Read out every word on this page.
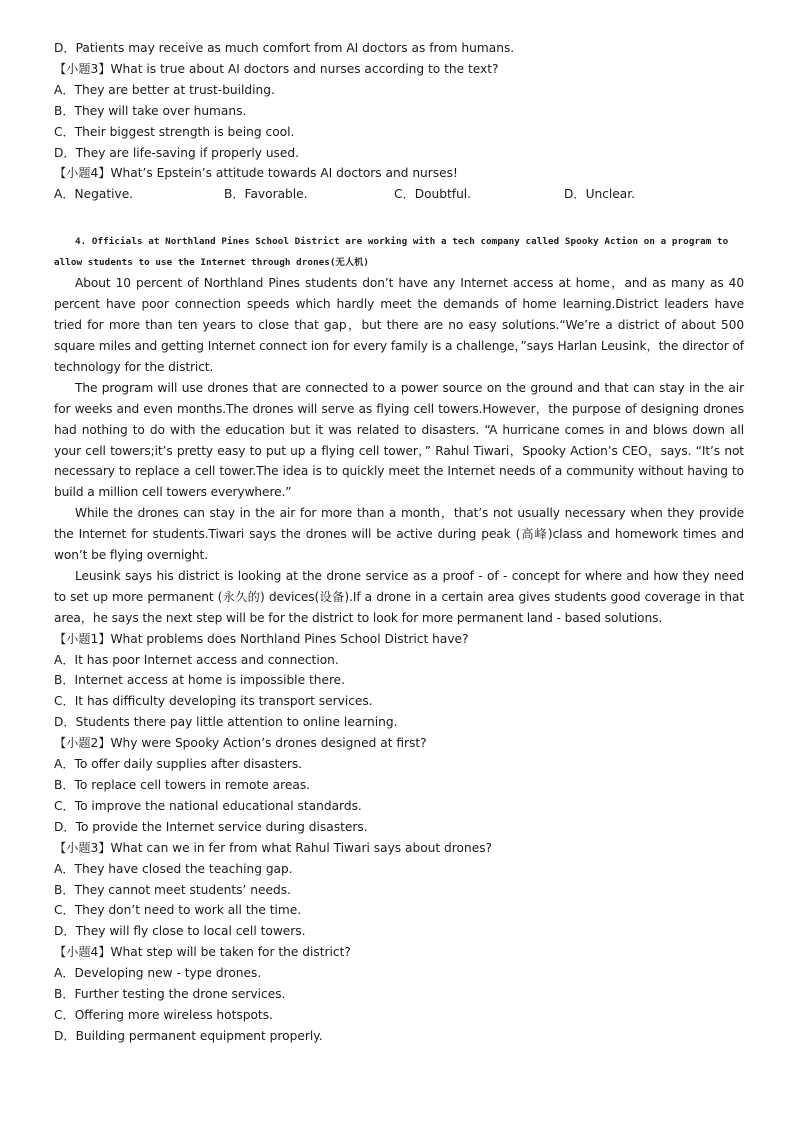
D．Patients may receive as much comfort from AI doctors as from humans.
【小题3】What is true about AI doctors and nurses according to the text?
A．They are better at trust-building.
B．They will take over humans.
C．Their biggest strength is being cool.
D．They are life-saving if properly used.
【小题4】What’s Epstein’s attitude towards AI doctors and nurses!
A．Negative.	B．Favorable.	C．Doubtful.	D．Unclear.
4. Officials at Northland Pines School District are working with a tech company called Spooky Action on a program to allow students to use the Internet through drones(无人机)
About 10 percent of Northland Pines students don’t have any Internet access at home，and as many as 40 percent have poor connection speeds which hardly meet the demands of home learning.District leaders have tried for more than ten years to close that gap，but there are no easy solutions.“We’re a district of about 500 square miles and getting Internet connect ion for every family is a challenge，”says Harlan Leusink，the director of technology for the district.
The program will use drones that are connected to a power source on the ground and that can stay in the air for weeks and even months.The drones will serve as flying cell towers.However，the purpose of designing drones had nothing to do with the education but it was related to disasters. “A hurricane comes in and blows down all your cell towers;it’s pretty easy to put up a flying cell tower，” Rahul Tiwari，Spooky Action’s CEO，says. “It’s not necessary to replace a cell tower.The idea is to quickly meet the Internet needs of a community without having to build a million cell towers everywhere.”
While the drones can stay in the air for more than a month，that’s not usually necessary when they provide the Internet for students.Tiwari says the drones will be active during peak (高峰)class and homework times and won’t be flying overnight.
Leusink says his district is looking at the drone service as a proof - of - concept for where and how they need to set up more permanent (永久的) devices(设备).If a drone in a certain area gives students good coverage in that area，he says the next step will be for the district to look for more permanent land - based solutions.
【小题1】What problems does Northland Pines School District have?
A．It has poor Internet access and connection.
B．Internet access at home is impossible there.
C．It has difficulty developing its transport services.
D．Students there pay little attention to online learning.
【小题2】Why were Spooky Action’s drones designed at first?
A．To offer daily supplies after disasters.
B．To replace cell towers in remote areas.
C．To improve the national educational standards.
D．To provide the Internet service during disasters.
【小题3】What can we in fer from what Rahul Tiwari says about drones?
A．They have closed the teaching gap.
B．They cannot meet students’ needs.
C．They don’t need to work all the time.
D．They will fly close to local cell towers.
【小题4】What step will be taken for the district?
A．Developing new - type drones.
B．Further testing the drone services.
C．Offering more wireless hotspots.
D．Building permanent equipment properly.
